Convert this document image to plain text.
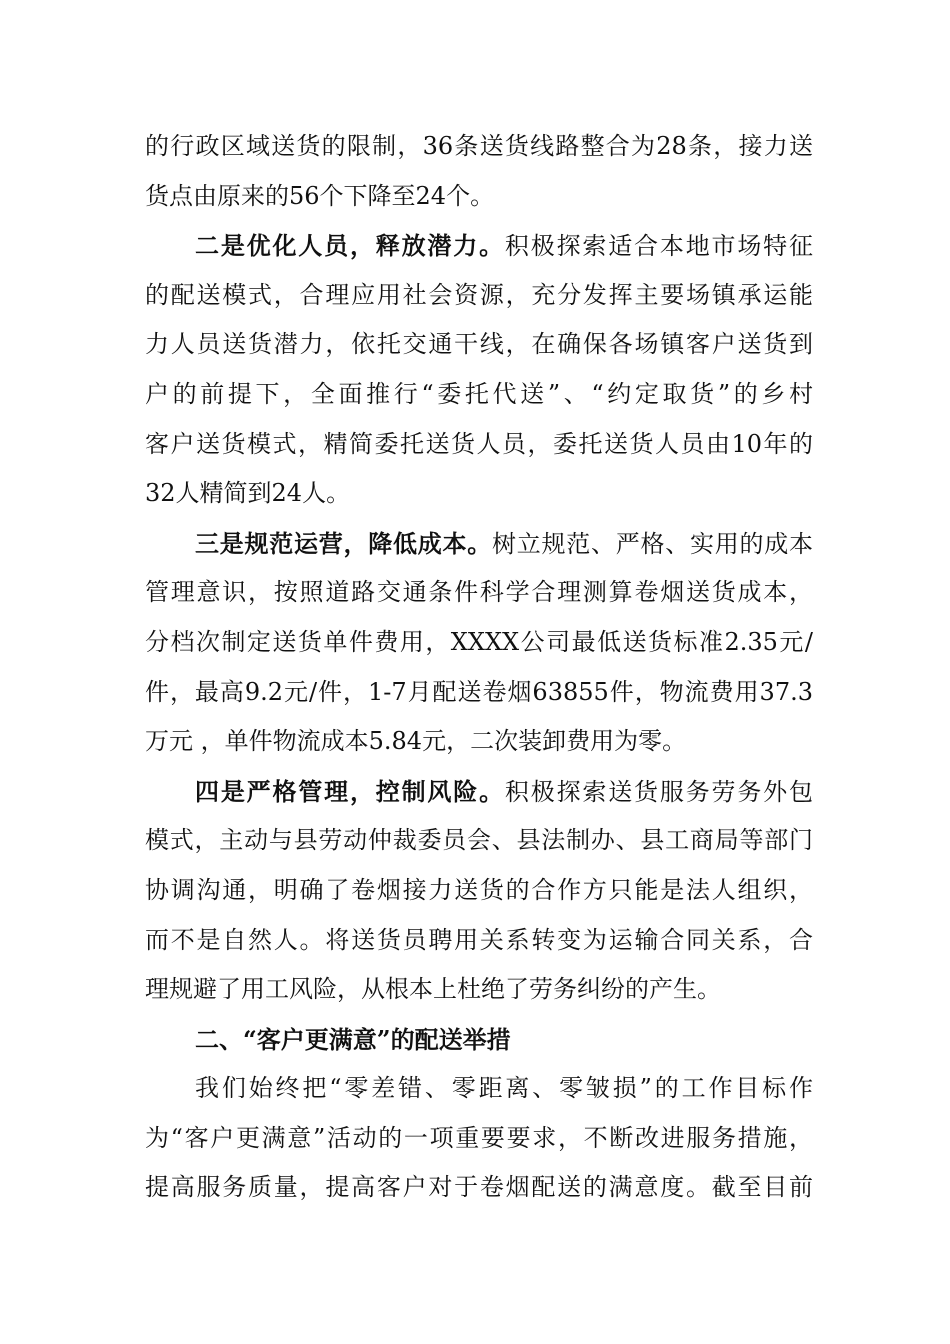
的行政区域送货的限制，36条送货线路整合为28条，接力送
货点由原来的56个下降至24个。
二是优化人员，释放潜力。积极探索适合本地市场特征
的配送模式，合理应用社会资源，充分发挥主要场镇承运能
力人员送货潜力，依托交通干线，在确保各场镇客户送货到
户的前提下，全面推行“委托代送”、“约定取货”的乡村
客户送货模式，精简委托送货人员，委托送货人员由10年的
32人精简到24人。
三是规范运营，降低成本。树立规范、严格、实用的成本
管理意识，按照道路交通条件科学合理测算卷烟送货成本，
分档次制定送货单件费用，XXXX公司最低送货标准2.35元/
件，最高9.2元/件，1-7月配送卷烟63855件，物流费用37.3
万元 ，单件物流成本5.84元，二次装卸费用为零。
四是严格管理，控制风险。积极探索送货服务劳务外包
模式，主动与县劳动仲裁委员会、县法制办、县工商局等部门
协调沟通，明确了卷烟接力送货的合作方只能是法人组织，
而不是自然人。将送货员聘用关系转变为运输合同关系，合
理规避了用工风险，从根本上杜绝了劳务纠纷的产生。
二、“客户更满意”的配送举措
我们始终把“零差错、零距离、零皱损”的工作目标作
为“客户更满意”活动的一项重要要求，不断改进服务措施，
提高服务质量，提高客户对于卷烟配送的满意度。截至目前
